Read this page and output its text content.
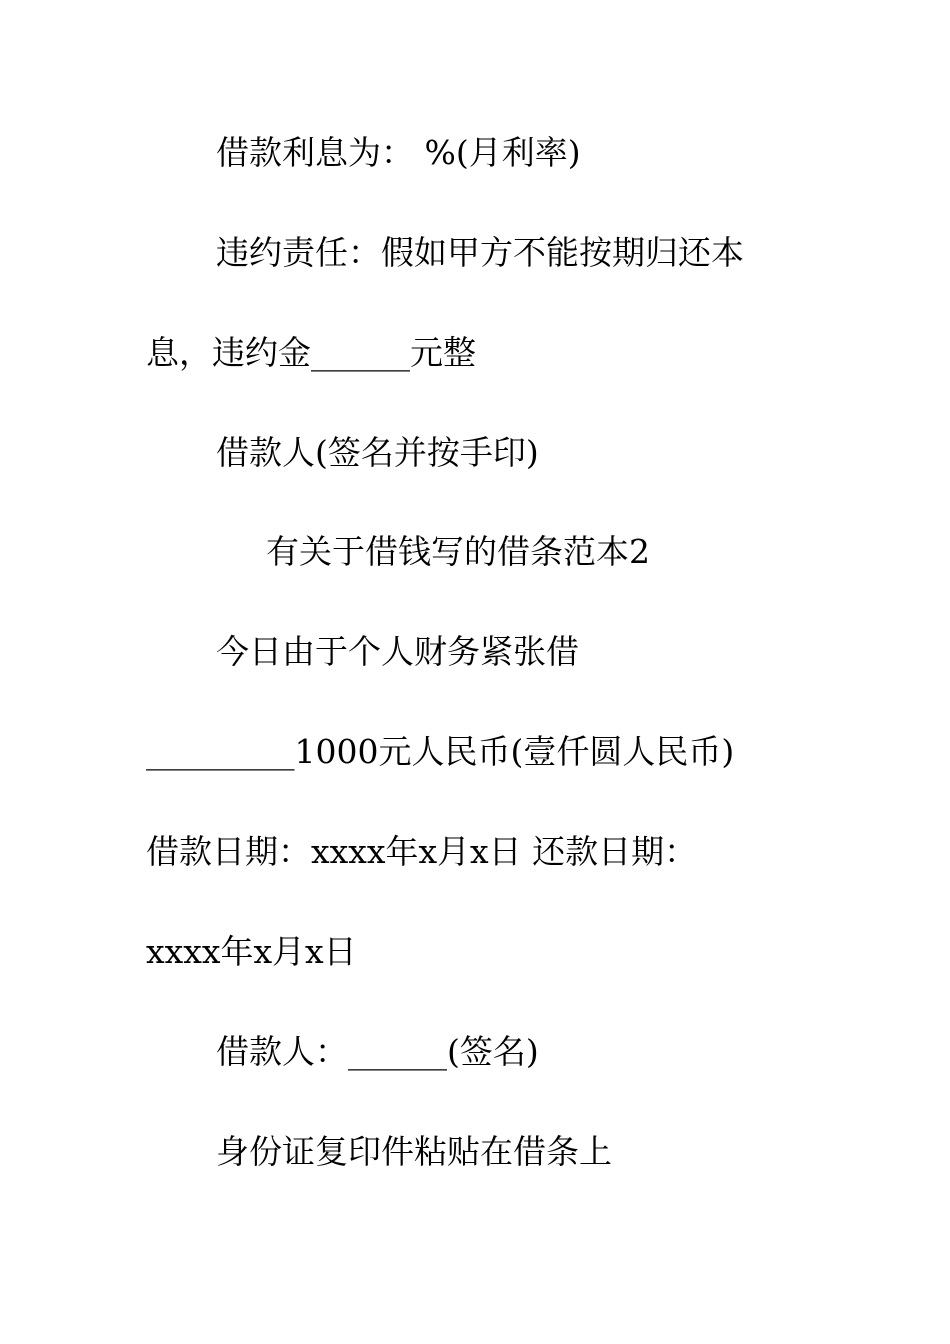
借款利息为： %(月利率)
违约责任：假如甲方不能按期归还本
息，违约金______元整
借款人(签名并按手印)
有关于借钱写的借条范本2
今日由于个人财务紧张借
_________1000元人民币(壹仟圆人民币)
借款日期：xxxx年x月x日 还款日期：
xxxx年x月x日
借款人：______(签名)
身份证复印件粘贴在借条上
